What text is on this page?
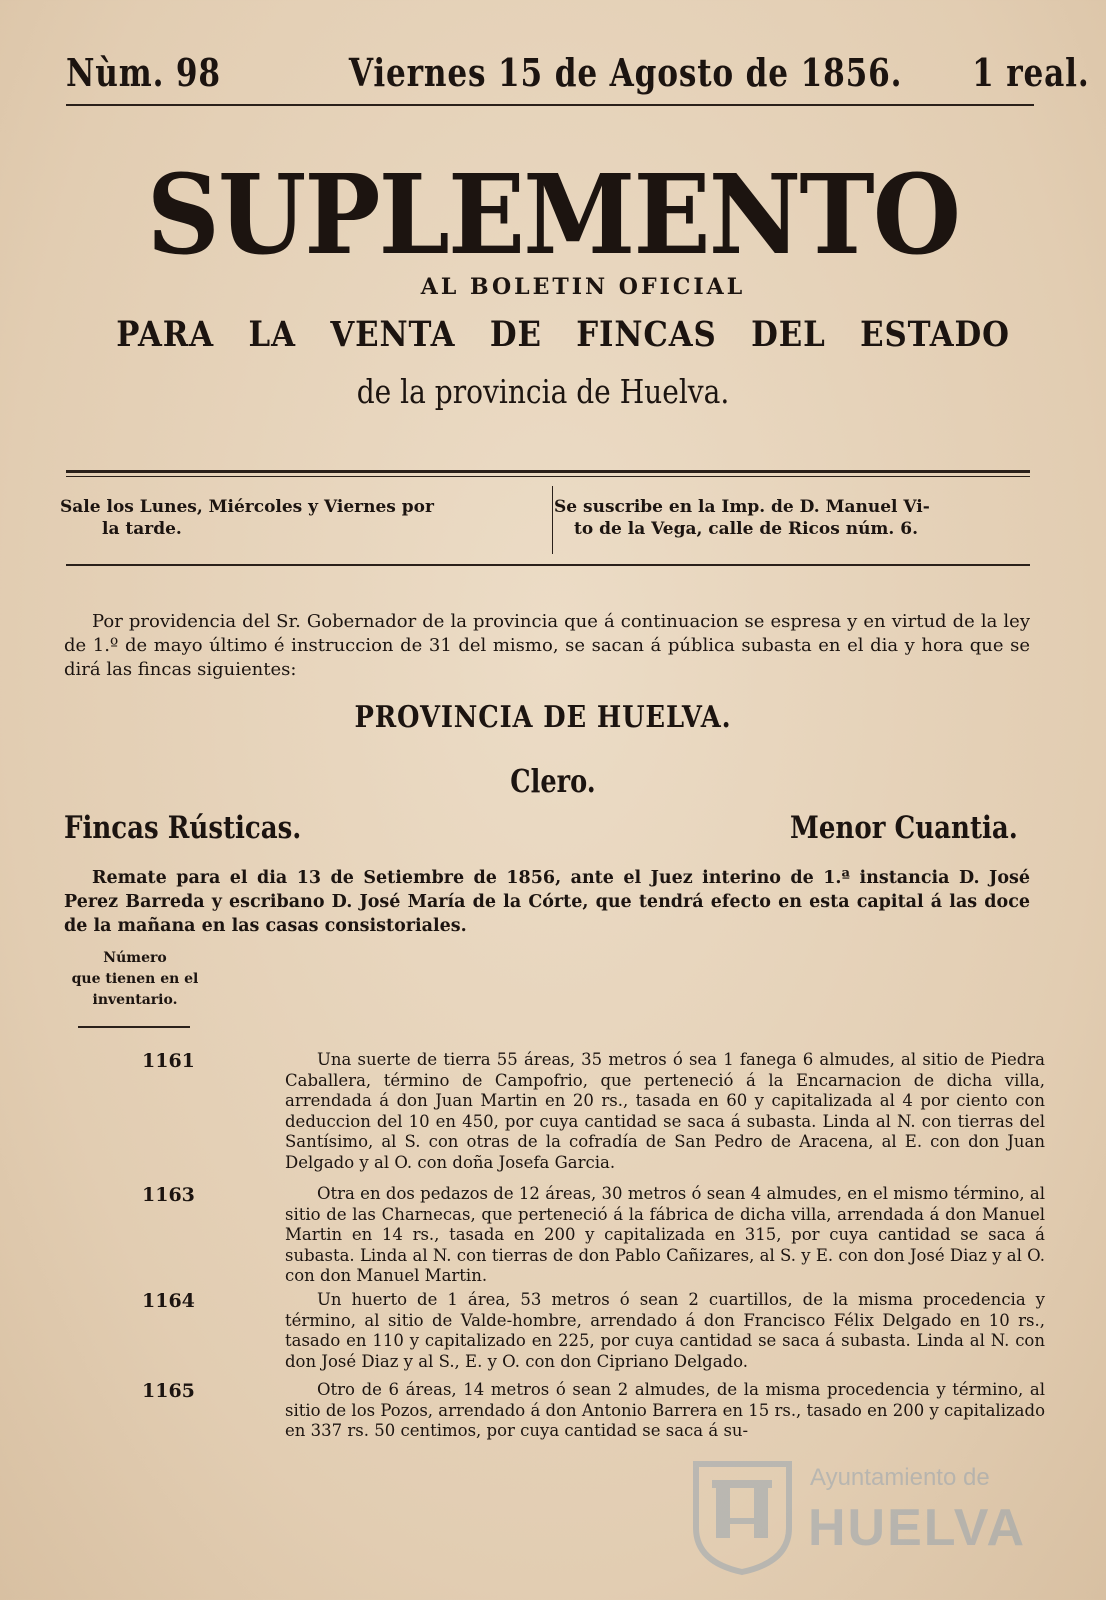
Nùm. 98	Viernes 15 de Agosto de 1856. 1 real.
SUPLEMENTO
AL BOLETIN OFICIAL
PARA LA VENTA DE FINCAS DEL ESTADO
de la provincia de Huelva.
Sale los Lunes, Miércoles y Viernes por
la tarde.
Se suscribe en la Imp. de D. Manuel Vi-
to de la Vega, calle de Ricos núm. 6.
Por providencia del Sr. Gobernador de la provincia que á continuacion se espresa y en virtud de la ley de 1.º de mayo último é instruccion de 31 del mismo, se sacan á pública subasta en el dia y hora que se dirá las fincas siguientes:
PROVINCIA DE HUELVA.
Clero.
Fincas Rústicas.	Menor Cuantia.
Remate para el dia 13 de Setiembre de 1856, ante el Juez interino de 1.ª instancia D. José Perez Barreda y escribano D. José María de la Córte, que tendrá efecto en esta capital á las doce de la mañana en las casas consistoriales.
Número
que tienen en el
inventario.
1161	Una suerte de tierra 55 áreas, 35 metros ó sea 1 fanega 6 almudes, al sitio de Piedra Caballera, término de Campofrio, que perteneció á la Encarnacion de dicha villa, arrendada á don Juan Martin en 20 rs., tasada en 60 y capitalizada al 4 por ciento con deduccion del 10 en 450, por cuya cantidad se saca á subasta. Linda al N. con tierras del Santísimo, al S. con otras de la cofradía de San Pedro de Aracena, al E. con don Juan Delgado y al O. con doña Josefa Garcia.
1163	Otra en dos pedazos de 12 áreas, 30 metros ó sean 4 almudes, en el mismo término, al sitio de las Charnecas, que perteneció á la fábrica de dicha villa, arrendada á don Manuel Martin en 14 rs., tasada en 200 y capitalizada en 315, por cuya cantidad se saca á subasta. Linda al N. con tierras de don Pablo Cañizares, al S. y E. con don José Diaz y al O. con don Manuel Martin.
1164	Un huerto de 1 área, 53 metros ó sean 2 cuartillos, de la misma procedencia y término, al sitio de Valde-hombre, arrendado á don Francisco Félix Delgado en 10 rs., tasado en 110 y capitalizado en 225, por cuya cantidad se saca á subasta. Linda al N. con don José Diaz y al S., E. y O. con don Cipriano Delgado.
1165	Otro de 6 áreas, 14 metros ó sean 2 almudes, de la misma procedencia y término, al sitio de los Pozos, arrendado á don Antonio Barrera en 15 rs., tasado en 200 y capitalizado en 337 rs. 50 centimos, por cuya cantidad se saca á su-
Ayuntamiento de
HUELVA
